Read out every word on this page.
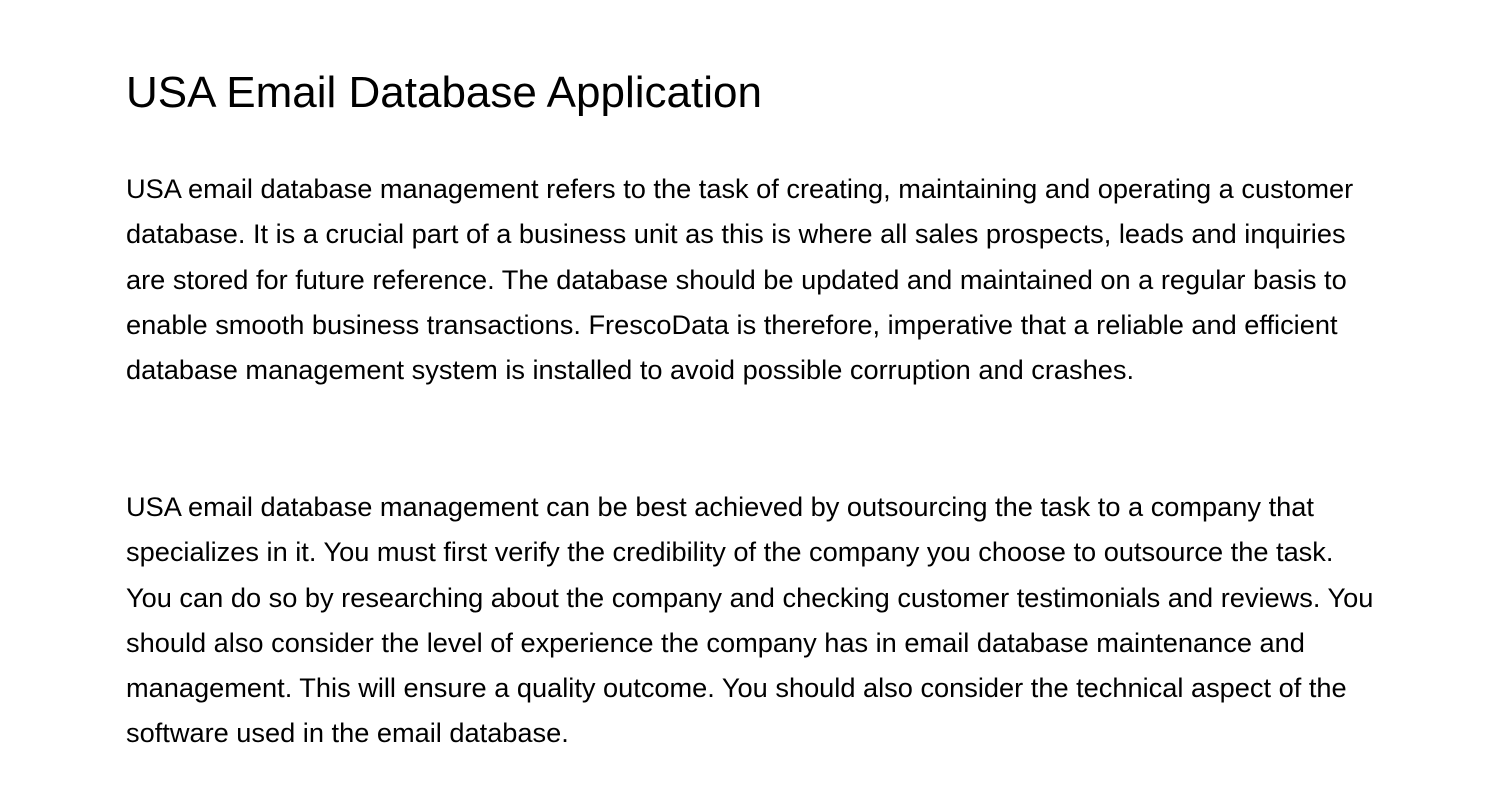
USA Email Database Application

USA email database management refers to the task of creating, maintaining and operating a customer database. It is a crucial part of a business unit as this is where all sales prospects, leads and inquiries are stored for future reference. The database should be updated and maintained on a regular basis to enable smooth business transactions. FrescoData is therefore, imperative that a reliable and efficient database management system is installed to avoid possible corruption and crashes.

USA email database management can be best achieved by outsourcing the task to a company that specializes in it. You must first verify the credibility of the company you choose to outsource the task. You can do so by researching about the company and checking customer testimonials and reviews. You should also consider the level of experience the company has in email database maintenance and management. This will ensure a quality outcome. You should also consider the technical aspect of the software used in the email database.
